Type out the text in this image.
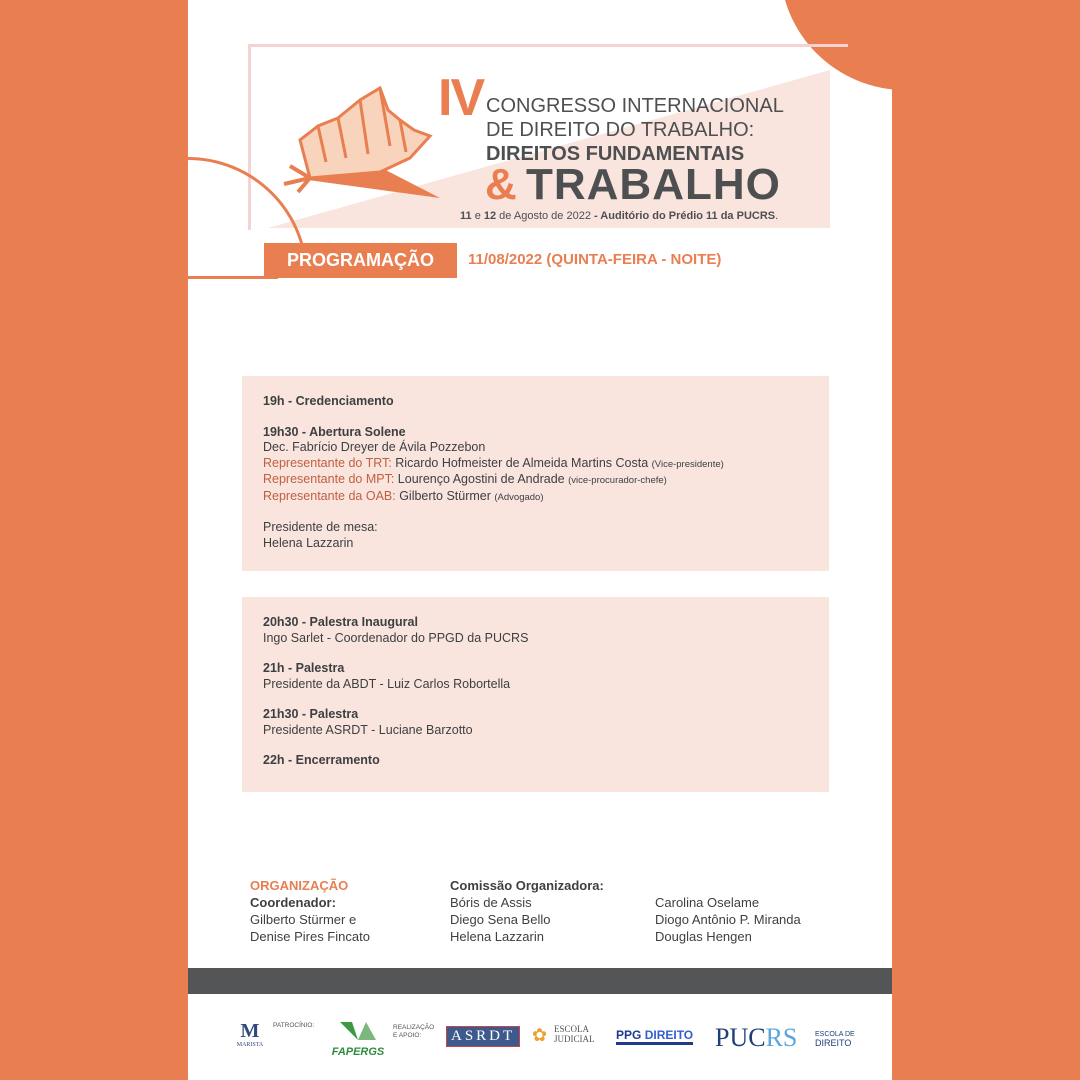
IV CONGRESSO INTERNACIONAL
DE DIREITO DO TRABALHO:
DIREITOS FUNDAMENTAIS
& TRABALHO
11 e 12 de Agosto de 2022 - Auditório do Prédio 11 da PUCRS.
PROGRAMAÇÃO	11/08/2022 (QUINTA-FEIRA - NOITE)
19h - Credenciamento
19h30 - Abertura Solene
Dec. Fabrício Dreyer de Ávila Pozzebon
Representante do TRT: Ricardo Hofmeister de Almeida Martins Costa (Vice-presidente)
Representante do MPT: Lourenço Agostini de Andrade (vice-procurador-chefe)
Representante da OAB: Gilberto Stürmer (Advogado)
Presidente de mesa:
Helena Lazzarin
20h30 - Palestra Inaugural
Ingo Sarlet - Coordenador do PPGD da PUCRS
21h - Palestra
Presidente da ABDT - Luiz Carlos Robortella
21h30 - Palestra
Presidente ASRDT - Luciane Barzotto
22h - Encerramento
ORGANIZAÇÃO
Coordenador:
Gilberto Stürmer e
Denise Pires Fincato
Comissão Organizadora:
Bóris de Assis
Diego Sena Bello
Helena Lazzarin
Carolina Oselame
Diogo Antônio P. Miranda
Douglas Hengen
M
MARISTA
PATROCÍNIO:
FAPERGS
REALIZAÇÃO
E APOIO:	ASRDT ✿ ESCOLA
JUDICIAL PPG DIREITO PUCRS	ESCOLA DE
DIREITO
